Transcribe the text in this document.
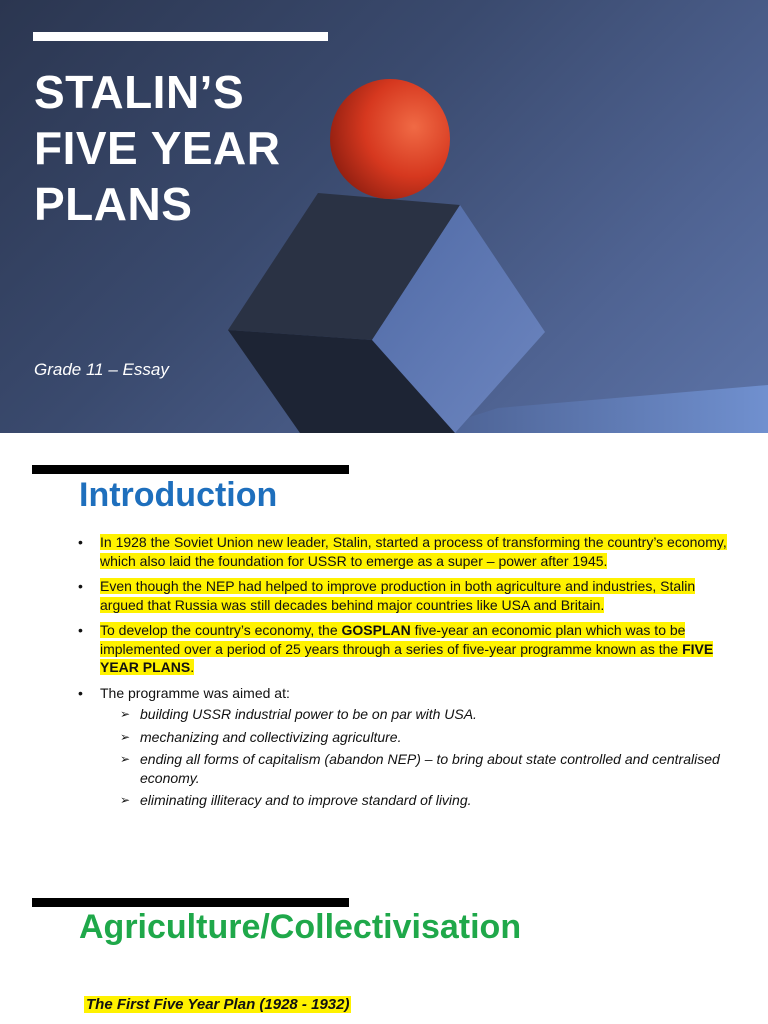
STALIN’S
FIVE YEAR
PLANS
Grade 11 – Essay
Introduction
• In 1928 the Soviet Union new leader, Stalin, started a process of transforming the country’s economy, which also laid the foundation for USSR to emerge as a super – power after 1945.
• Even though the NEP had helped to improve production in both agriculture and industries, Stalin argued that Russia was still decades behind major countries like USA and Britain.
• To develop the country’s economy, the GOSPLAN five-year an economic plan which was to be implemented over a period of 25 years through a series of five-year programme known as the FIVE YEAR PLANS.
• The programme was aimed at:
➢ building USSR industrial power to be on par with USA.
➢ mechanizing and collectivizing agriculture.
➢ ending all forms of capitalism (abandon NEP) – to bring about state controlled and centralised economy.
➢ eliminating illiteracy and to improve standard of living.
Agriculture/Collectivisation
The First Five Year Plan (1928 - 1932)
